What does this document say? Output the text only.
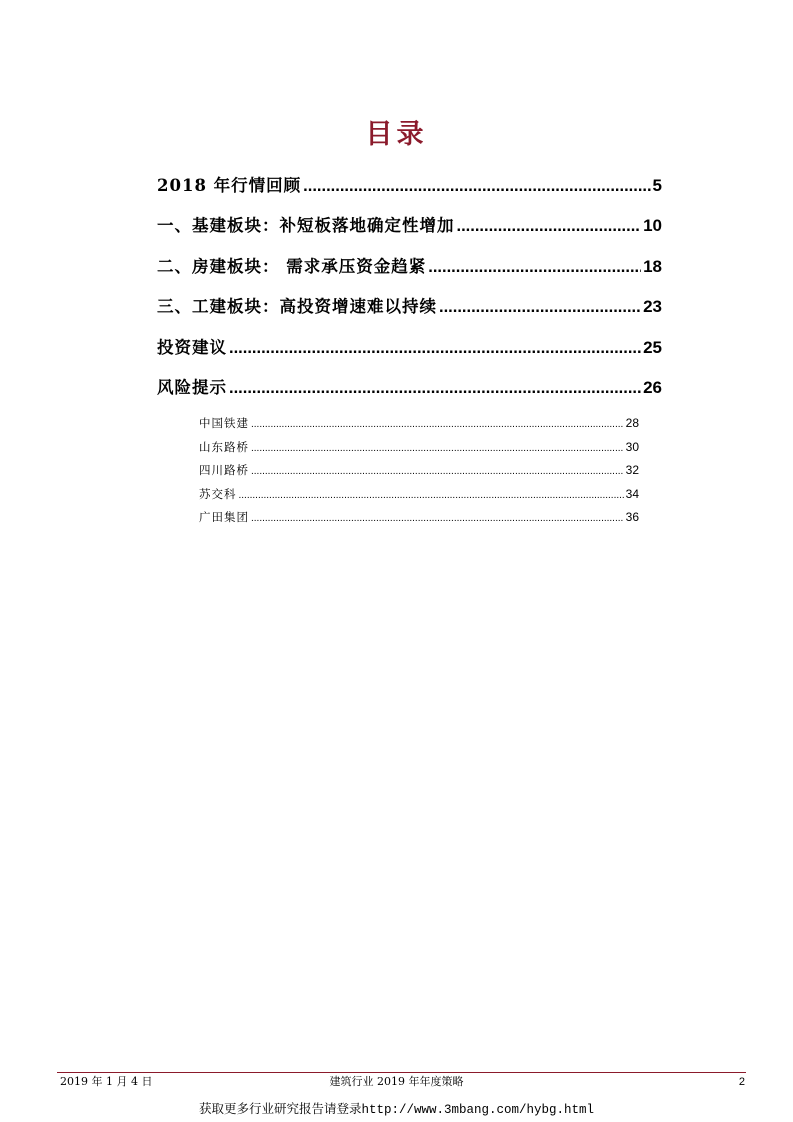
目录
2018 年行情回顾 .....	5
一、基建板块：补短板落地确定性增加 .....	10
二、房建板块： 需求承压资金趋紧 .....	18
三、工建板块：高投资增速难以持续 .....	23
投资建议 .....	25
风险提示 .....	26
中国铁建 .....	28
山东路桥 .....	30
四川路桥 .....	32
苏交科 .....	34
广田集团 .....	36
2019 年 1 月 4 日	建筑行业 2019 年年度策略	2
获取更多行业研究报告请登录http://www.3mbang.com/hybg.html
